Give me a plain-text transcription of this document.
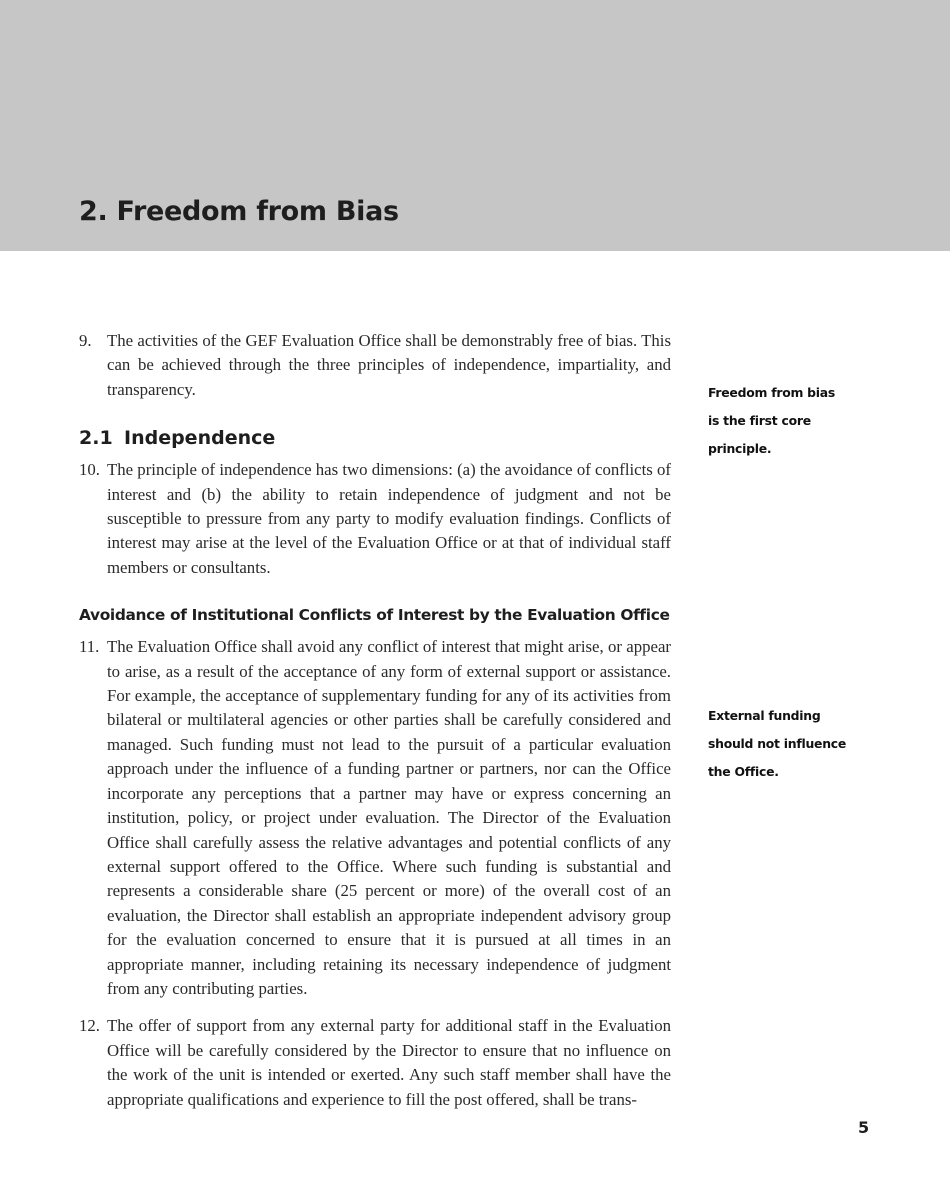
2. Freedom from Bias

9. The activities of the GEF Evaluation Office shall be demonstrably free of bias. This can be achieved through the three principles of independence, impartiality, and transparency.

2.1 Independence

10. The principle of independence has two dimensions: (a) the avoidance of conflicts of interest and (b) the ability to retain independence of judgment and not be susceptible to pressure from any party to modify evaluation findings. Conflicts of interest may arise at the level of the Evaluation Office or at that of individual staff members or consultants.

Avoidance of Institutional Conflicts of Interest by the Evaluation Office

11. The Evaluation Office shall avoid any conflict of interest that might arise, or appear to arise, as a result of the acceptance of any form of external support or assistance. For example, the acceptance of supplementary funding for any of its activities from bilateral or multilateral agencies or other parties shall be carefully considered and managed. Such funding must not lead to the pursuit of a particular evaluation approach under the influence of a funding partner or partners, nor can the Office incorporate any perceptions that a partner may have or express concerning an institution, policy, or project under evaluation. The Director of the Evaluation Office shall carefully assess the relative advantages and potential conflicts of any external support offered to the Office. Where such funding is substantial and represents a considerable share (25 percent or more) of the overall cost of an evaluation, the Director shall establish an appropriate independent advisory group for the evaluation concerned to ensure that it is pursued at all times in an appropriate manner, including retaining its necessary independence of judgment from any contributing parties.

12. The offer of support from any external party for additional staff in the Evaluation Office will be carefully considered by the Director to ensure that no influence on the work of the unit is intended or exerted. Any such staff member shall have the appropriate qualifications and experience to fill the post offered, shall be trans-

Freedom from bias is the first core principle.
External funding should not influence the Office.
5
